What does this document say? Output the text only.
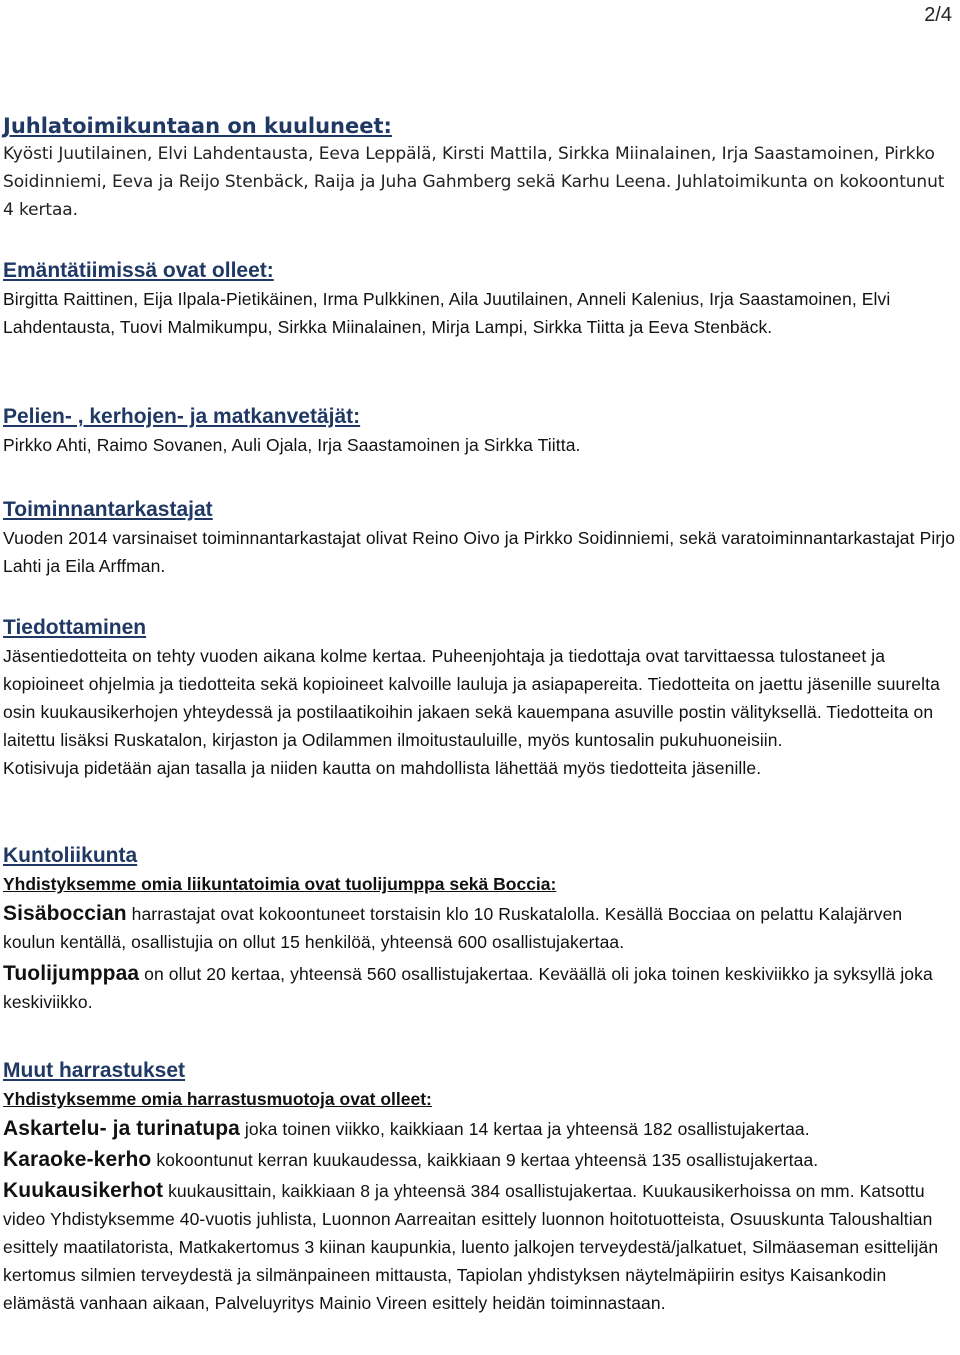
2/4
Juhlatoimikuntaan on kuuluneet:

Kyösti Juutilainen, Elvi Lahdentausta, Eeva Leppälä, Kirsti Mattila, Sirkka Miinalainen, Irja Saastamoinen, Pirkko Soidinniemi, Eeva ja Reijo Stenbäck, Raija ja Juha Gahmberg sekä Karhu Leena. Juhlatoimikunta on kokoontunut 4 kertaa.

Emäntätiimissä ovat olleet:

Birgitta Raittinen, Eija Ilpala-Pietikäinen, Irma Pulkkinen, Aila Juutilainen, Anneli Kalenius, Irja Saastamoinen, Elvi Lahdentausta, Tuovi Malmikumpu, Sirkka Miinalainen, Mirja Lampi, Sirkka Tiitta ja Eeva Stenbäck.

Pelien- , kerhojen- ja matkanvetäjät:

Pirkko Ahti, Raimo Sovanen, Auli Ojala, Irja Saastamoinen ja Sirkka Tiitta.

Toiminnantarkastajat

Vuoden 2014 varsinaiset toiminnantarkastajat olivat Reino Oivo ja Pirkko Soidinniemi, sekä varatoiminnantarkastajat Pirjo Lahti ja Eila Arffman.

Tiedottaminen

Jäsentiedotteita on tehty vuoden aikana kolme kertaa. Puheenjohtaja ja tiedottaja ovat tarvittaessa tulostaneet ja kopioineet ohjelmia ja tiedotteita sekä kopioineet kalvoille lauluja ja asiapapereita. Tiedotteita on jaettu jäsenille suurelta osin kuukausikerhojen yhteydessä ja postilaatikoihin jakaen sekä kauempana asuville postin välityksellä. Tiedotteita on laitettu lisäksi Ruskatalon, kirjaston ja Odilammen ilmoitustauluille, myös kuntosalin pukuhuoneisiin.

Kotisivuja pidetään ajan tasalla ja niiden kautta on mahdollista lähettää myös tiedotteita jäsenille.

Kuntoliikunta
Yhdistyksemme omia liikuntatoimia ovat tuolijumppa sekä Boccia:

Sisäboccian harrastajat ovat kokoontuneet torstaisin klo 10 Ruskatalolla. Kesällä Bocciaa on pelattu Kalajärven koulun kentällä, osallistujia on ollut 15 henkilöä, yhteensä 600 osallistujakertaa.

Tuolijumppaa on ollut 20 kertaa, yhteensä 560 osallistujakertaa. Keväällä oli joka toinen keskiviikko ja syksyllä joka keskiviikko.

Muut harrastukset
Yhdistyksemme omia harrastusmuotoja ovat olleet:

Askartelu- ja turinatupa joka toinen viikko, kaikkiaan 14 kertaa ja yhteensä 182 osallistujakertaa.

Karaoke-kerho kokoontunut kerran kuukaudessa, kaikkiaan 9 kertaa yhteensä 135 osallistujakertaa.

Kuukausikerhot kuukausittain, kaikkiaan 8 ja yhteensä 384 osallistujakertaa. Kuukausikerhoissa on mm. Katsottu video Yhdistyksemme 40-vuotis juhlista, Luonnon Aarreaitan esittely luonnon hoitotuotteista, Osuuskunta Taloushaltian esittely maatilatorista, Matkakertomus 3 kiinan kaupunkia, luento jalkojen terveydestä/jalkatuet, Silmäaseman esittelijän kertomus silmien terveydestä ja silmänpaineen mittausta, Tapiolan yhdistyksen näytelmäpiirin esitys Kaisankodin elämästä vanhaan aikaan, Palveluyritys Mainio Vireen esittely heidän toiminnastaan.
